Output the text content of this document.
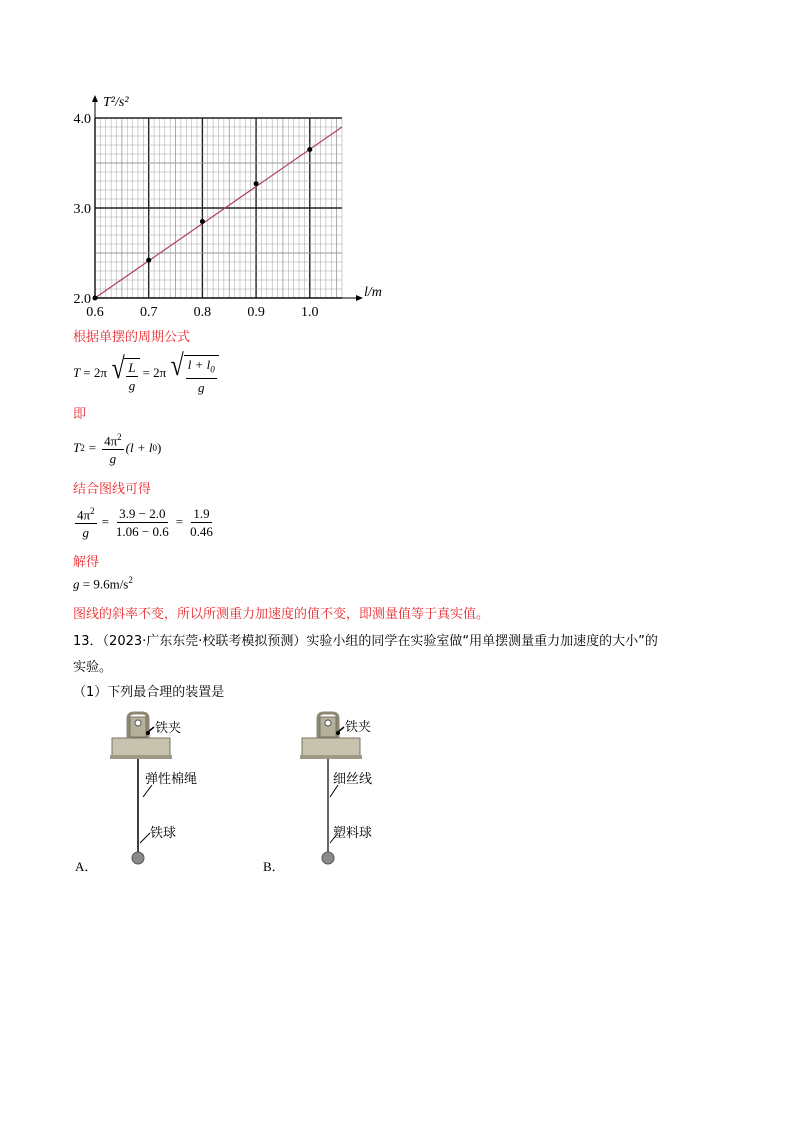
0.6	0.7	0.8	0.9	1.0
2.0
3.0
4.0
T²/s²
l/m
根据单摆的周期公式
T = 2π √ $\frac{L}{g} = 2\pi$ √ $\frac{l + l_0}{g}$
即
T $2 = \frac{4\pi^2}{g} (l + l$ 0 )
结合图线可得
$\frac{4\pi^2}{g} = \frac{3.9 - 2.0}{1.06 - 0.6} = \frac{1.9}{0.46}$
解得
$g = 9.6m/s^2$
图线的斜率不变，所以所测重力加速度的值不变，即测量值等于真实值。
13．（2023·广东东莞·校联考模拟预测）实验小组的同学在实验室做“用单摆测量重力加速度的大小”的
实验。
（1）下列最合理的装置是
铁夹
弹性棉绳
铁球
A．
铁夹
细丝线
塑料球
B．
